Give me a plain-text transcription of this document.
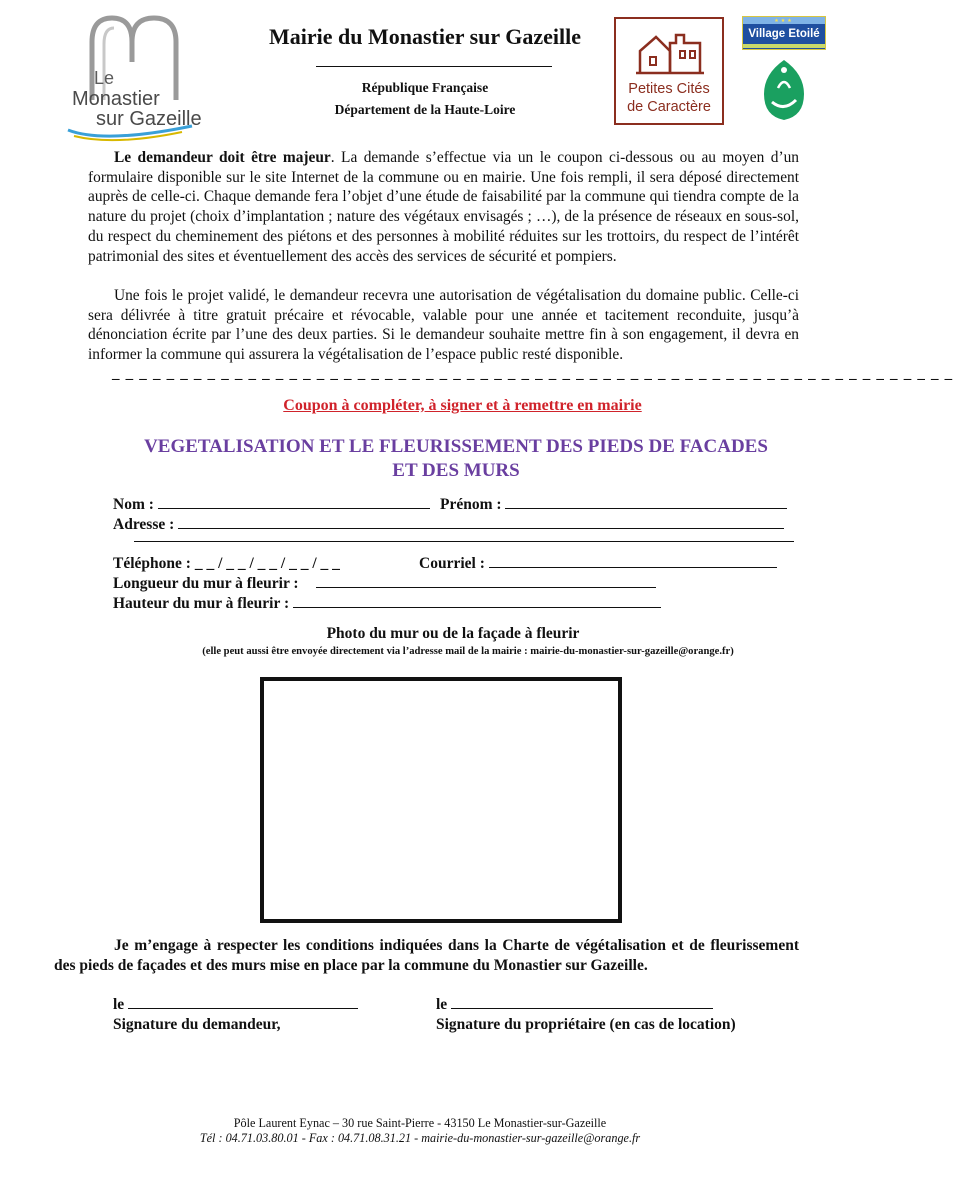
Le
Monastier
sur Gazeille
Mairie du Monastier sur Gazeille
République Française
Département de la Haute-Loire
Petites Cités
de Caractère
★★★
Village Etoilé

Le demandeur doit être majeur. La demande s’effectue via un le coupon ci-dessous ou au moyen d’un formulaire disponible sur le site Internet de la commune ou en mairie. Une fois rempli, il sera déposé directement auprès de celle-ci. Chaque demande fera l’objet d’une étude de faisabilité par la commune qui tiendra compte de la nature du projet (choix d’implantation ; nature des végétaux envisagés ; …), de la présence de réseaux en sous-sol, du respect du cheminement des piétons et des personnes à mobilité réduites sur les trottoirs, du respect de l’intérêt patrimonial des sites et éventuellement des accès des services de sécurité et pompiers.

Une fois le projet validé, le demandeur recevra une autorisation de végétalisation du domaine public. Celle-ci sera délivrée à titre gratuit précaire et révocable, valable pour une année et tacitement reconduite, jusqu’à dénonciation écrite par l’une des deux parties. Si le demandeur souhaite mettre fin à son engagement, il devra en informer la commune qui assurera la végétalisation de l’espace public resté disponible.

_ _ _ _ _ _ _ _ _ _ _ _ _ _ _ _ _ _ _ _ _ _ _ _ _ _ _ _ _ _ _ _ _ _ _ _ _ _ _ _ _ _ _ _ _ _ _ _ _ _ _ _ _ _ _ _ _ _ _ _ _ _
Coupon à compléter, à signer et à remettre en mairie
VEGETALISATION ET LE FLEURISSEMENT DES PIEDS DE FACADES
ET DES MURS
Nom :	Prénom :
Adresse :
Téléphone : _ _ / _ _ / _ _ / _ _ / _ _	Courriel :
Longueur du mur à fleurir :
Hauteur du mur à fleurir :
Photo du mur ou de la façade à fleurir
(elle peut aussi être envoyée directement via l’adresse mail de la mairie : mairie-du-monastier-sur-gazeille@orange.fr)

Je m’engage à respecter les conditions indiquées dans la Charte de végétalisation et de fleurissement des pieds de façades et des murs mise en place par la commune du Monastier sur Gazeille.

le	le
Signature du demandeur,	Signature du propriétaire (en cas de location)
Pôle Laurent Eynac – 30 rue Saint-Pierre - 43150 Le Monastier-sur-Gazeille
Tél : 04.71.03.80.01 - Fax : 04.71.08.31.21 - mairie-du-monastier-sur-gazeille@orange.fr
